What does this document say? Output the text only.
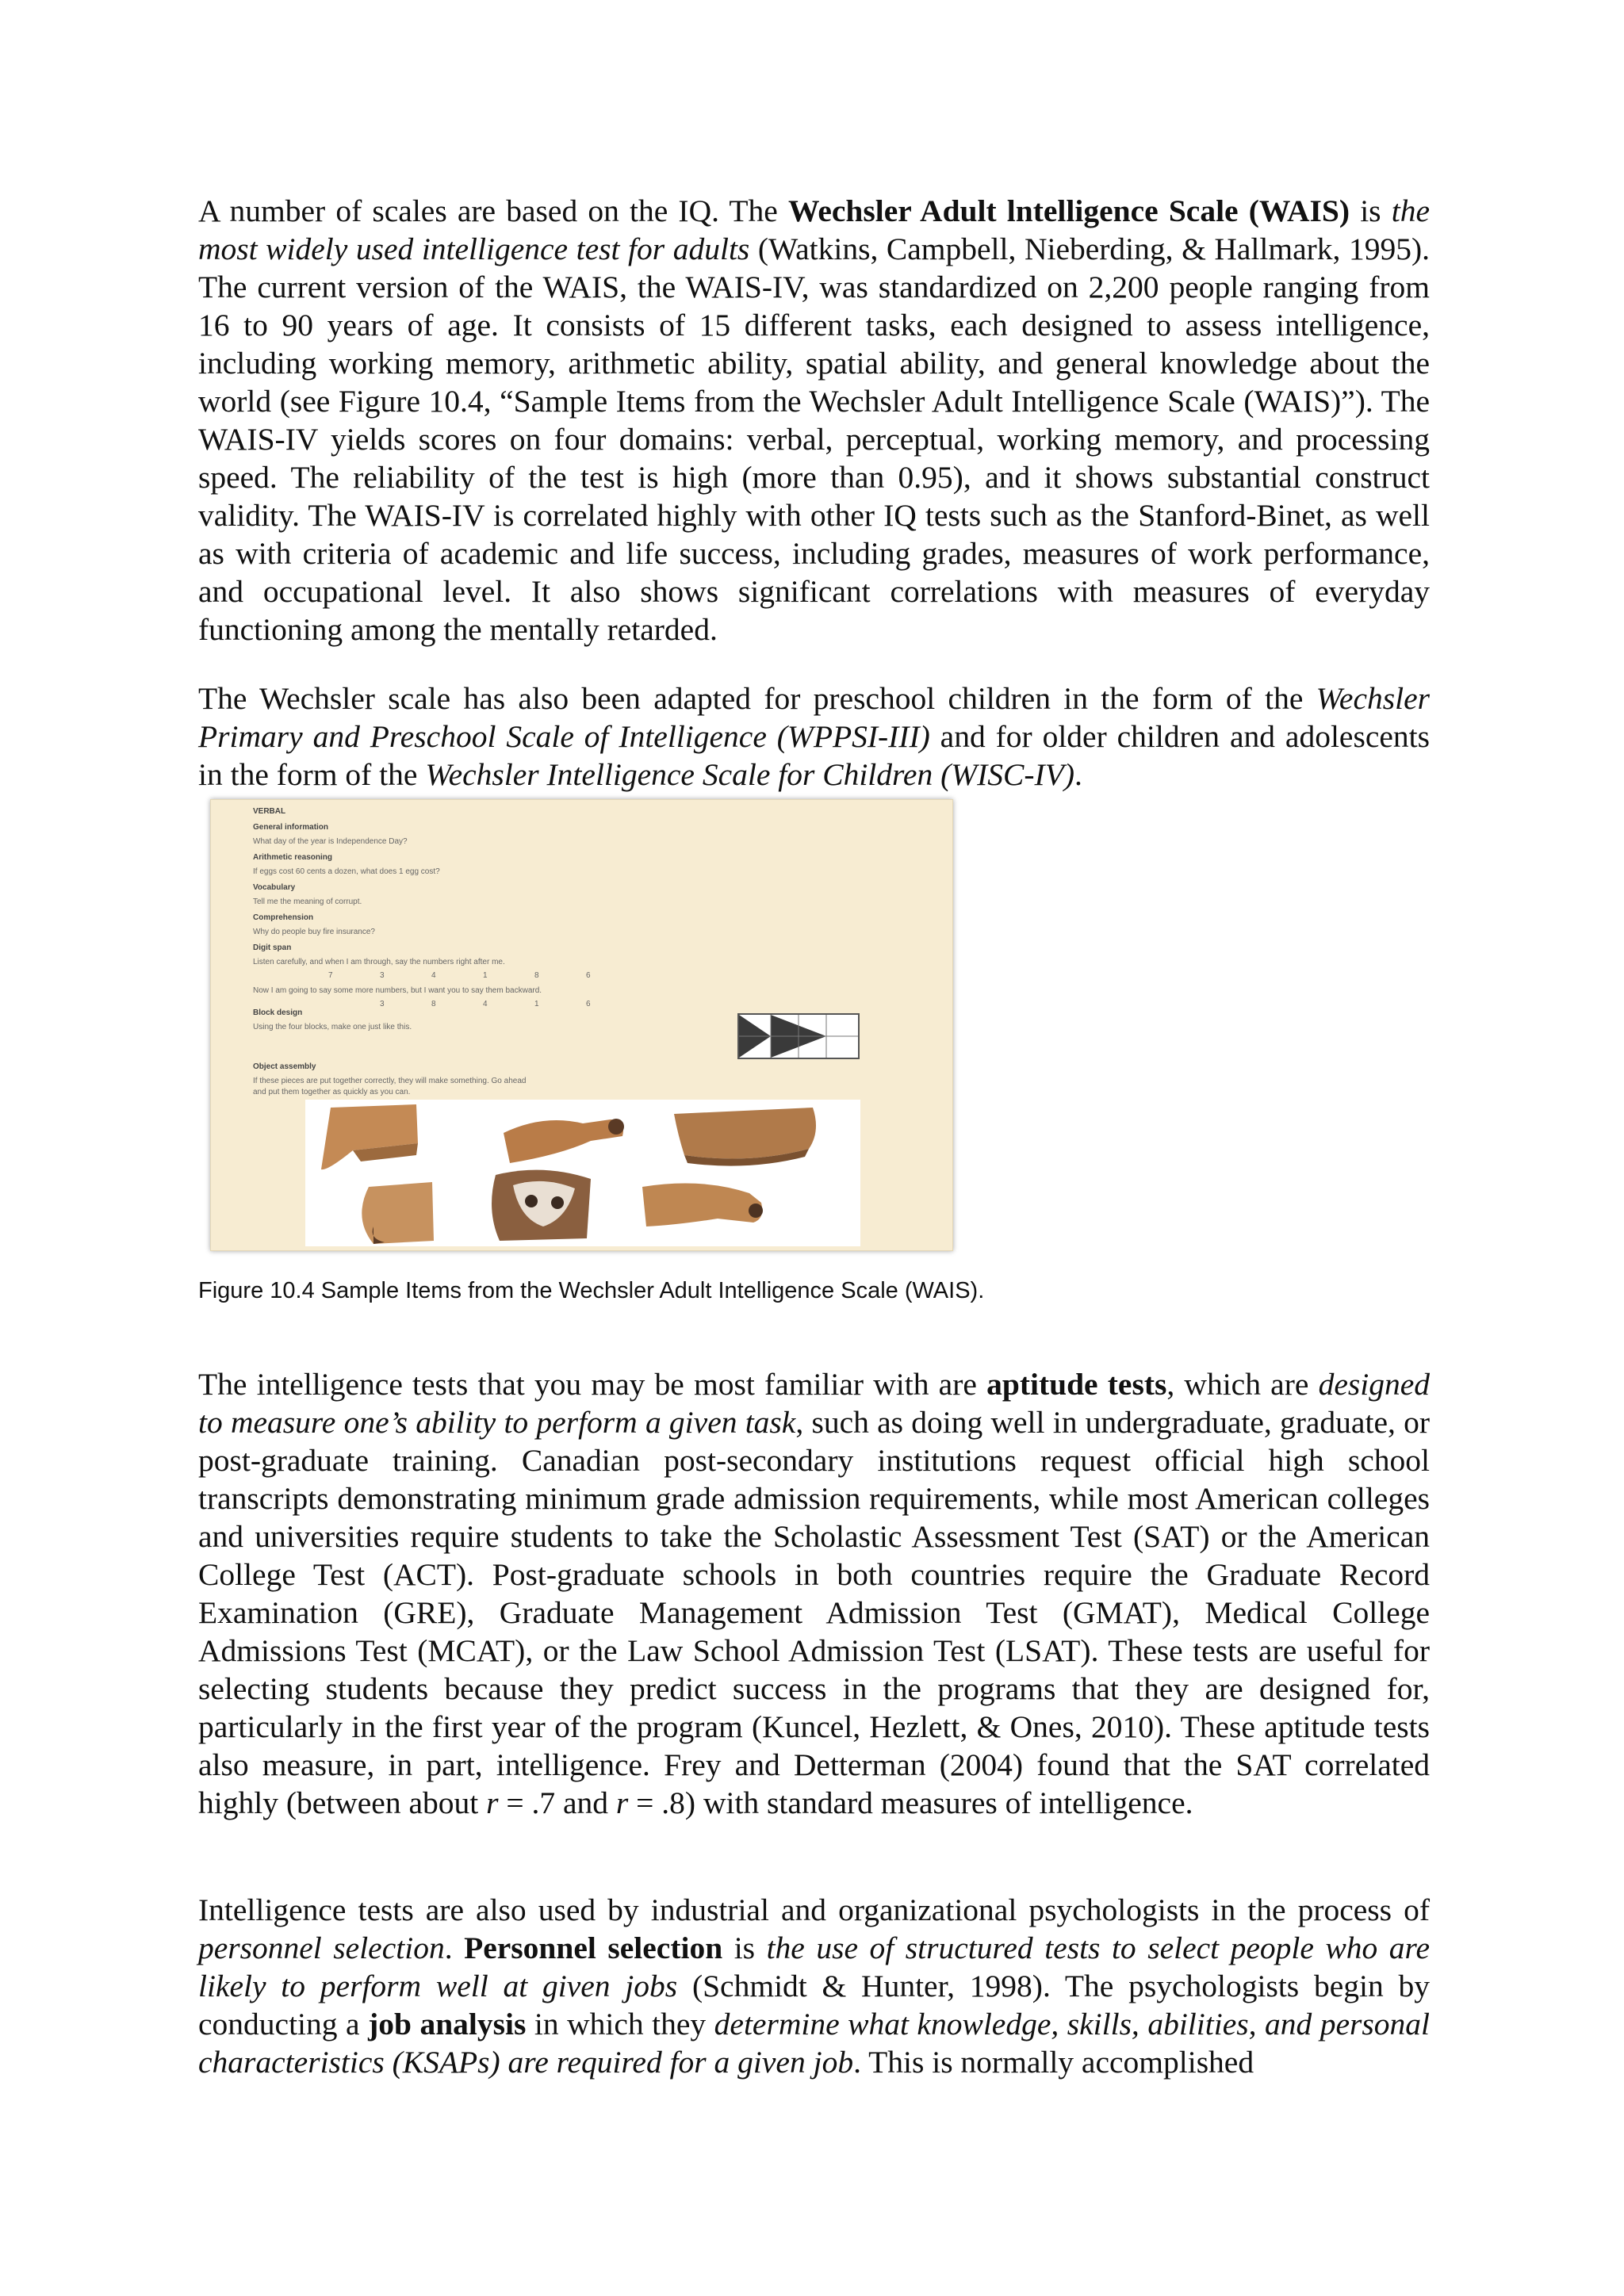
A number of scales are based on the IQ. The Wechsler Adult lntelligence Scale (WAIS) is the most widely used intelligence test for adults (Watkins, Campbell, Nieberding, & Hallmark, 1995). The current version of the WAIS, the WAIS-IV, was standardized on 2,200 people ranging from 16 to 90 years of age. It consists of 15 different tasks, each designed to assess intelligence, including working memory, arithmetic ability, spatial ability, and general knowledge about the world (see Figure 10.4, “Sample Items from the Wechsler Adult Intelligence Scale (WAIS)”). The WAIS-IV yields scores on four domains: verbal, perceptual, working memory, and processing speed. The reliability of the test is high (more than 0.95), and it shows substantial construct validity. The WAIS-IV is correlated highly with other IQ tests such as the Stanford-Binet, as well as with criteria of academic and life success, including grades, measures of work performance, and occupational level. It also shows significant correlations with measures of everyday functioning among the mentally retarded.

The Wechsler scale has also been adapted for preschool children in the form of the Wechsler Primary and Preschool Scale of Intelligence (WPPSI-III) and for older children and adolescents in the form of the Wechsler Intelligence Scale for Children (WISC-IV).

VERBAL
General information
What day of the year is Independence Day?
Arithmetic reasoning
If eggs cost 60 cents a dozen, what does 1 egg cost?
Vocabulary
Tell me the meaning of corrupt.
Comprehension
Why do people buy fire insurance?
Digit span
Listen carefully, and when I am through, say the numbers right after me.
7	3	4	1	8	6
Now I am going to say some more numbers, but I want you to say them backward.
3	8	4	1	6
Block design
Using the four blocks, make one just like this.
Object assembly
If these pieces are put together correctly, they will make something. Go ahead
and put them together as quickly as you can.
Figure 10.4 Sample Items from the Wechsler Adult Intelligence Scale (WAIS).

The intelligence tests that you may be most familiar with are aptitude tests, which are designed to measure one’s ability to perform a given task, such as doing well in undergraduate, graduate, or post-graduate training. Canadian post-secondary institutions request official high school transcripts demonstrating minimum grade admission requirements, while most American colleges and universities require students to take the Scholastic Assessment Test (SAT) or the American College Test (ACT). Post-graduate schools in both countries require the Graduate Record Examination (GRE), Graduate Management Admission Test (GMAT), Medical College Admissions Test (MCAT), or the Law School Admission Test (LSAT). These tests are useful for selecting students because they predict success in the programs that they are designed for, particularly in the first year of the program (Kuncel, Hezlett, & Ones, 2010). These aptitude tests also measure, in part, intelligence. Frey and Detterman (2004) found that the SAT correlated highly (between about r = .7 and r = .8) with standard measures of intelligence.

Intelligence tests are also used by industrial and organizational psychologists in the process of personnel selection. Personnel selection is the use of structured tests to select people who are likely to perform well at given jobs (Schmidt & Hunter, 1998). The psychologists begin by conducting a job analysis in which they determine what knowledge, skills, abilities, and personal characteristics (KSAPs) are required for a given job. This is normally accomplished
